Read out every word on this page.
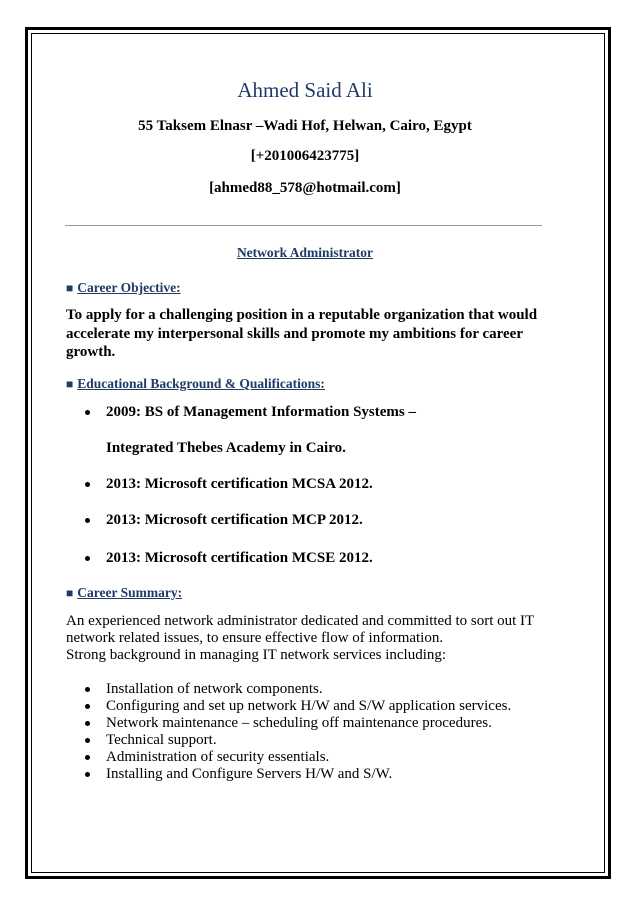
Ahmed Said Ali
55 Taksem Elnasr –Wadi Hof, Helwan, Cairo, Egypt
[+201006423775]
[ahmed88_578@hotmail.com]
Network Administrator
■ Career Objective:
To apply for a challenging position in a reputable organization that would
accelerate my interpersonal skills and promote my ambitions for career
growth.
■ Educational Background & Qualifications:
2009: BS of Management Information Systems –
Integrated Thebes Academy in Cairo.
2013: Microsoft certification MCSA 2012.
2013: Microsoft certification MCP 2012.
2013: Microsoft certification MCSE 2012.
■ Career Summary:
An experienced network administrator dedicated and committed to sort out IT
network related issues, to ensure effective flow of information.
Strong background in managing IT network services including:
Installation of network components.
Configuring and set up network H/W and S/W application services.
Network maintenance – scheduling off maintenance procedures.
Technical support.
Administration of security essentials.
Installing and Configure Servers H/W and S/W.
